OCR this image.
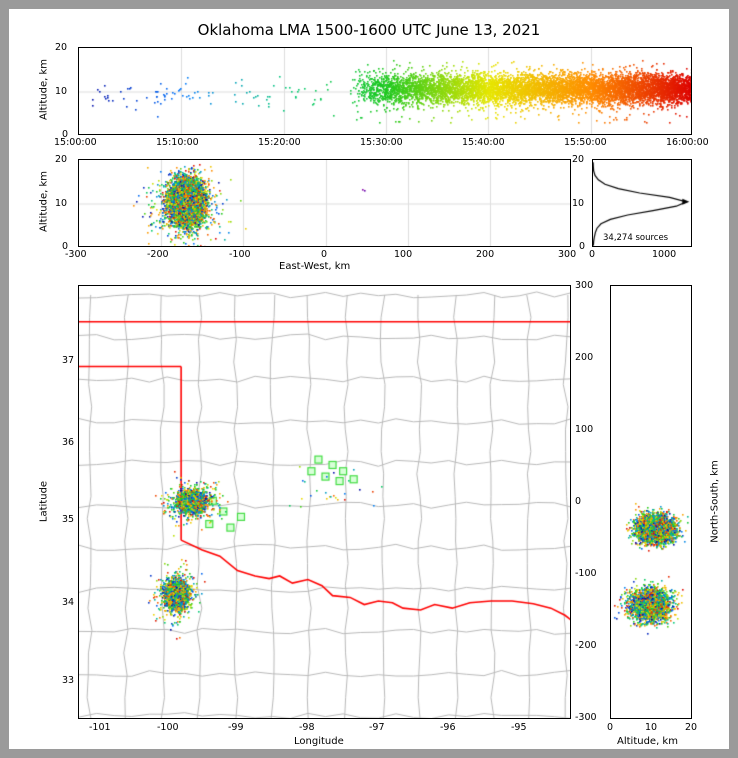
Oklahoma LMA 1500-1600 UTC June 13, 2021
Altitude, km
20
10
0
15:00:00	15:10:00	15:20:00	15:30:00	15:40:00	15:50:00	16:00:00
Altitude, km
20
10
0
-300	-200	-100	0	100	200	300
East-West, km
20
10
0
0	1000
34,274 sources
Latitude
37
36
35
34
33
-101	-100	-99	-98	-97	-96	-95
Longitude
300
200
100
0
-100
-200
-300
North-South, km
0	10	20
Altitude, km
